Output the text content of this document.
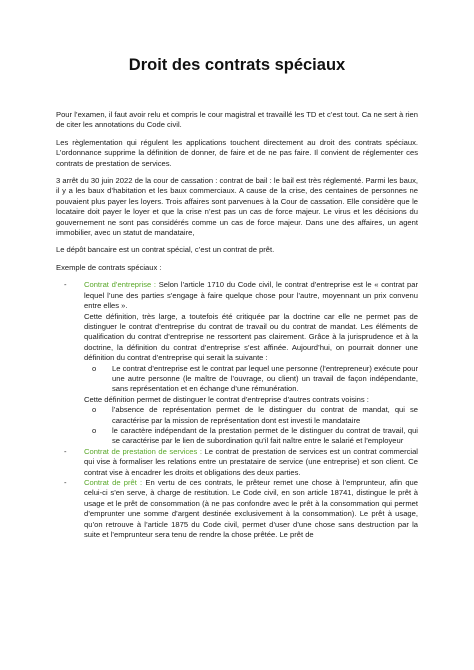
Droit des contrats spéciaux

Pour l’examen, il faut avoir relu et compris le cour magistral et travaillé les TD et c’est tout. Ca ne sert à rien de citer les annotations du Code civil.

Les règlementation qui régulent les applications touchent directement au droit des contrats spéciaux. L’ordonnance supprime la définition de donner, de faire et de ne pas faire. Il convient de réglementer ces contrats de prestation de services.

3 arrêt du 30 juin 2022 de la cour de cassation : contrat de bail : le bail est très réglementé. Parmi les baux, il y a les baux d’habitation et les baux commerciaux. A cause de la crise, des centaines de personnes ne pouvaient plus payer les loyers. Trois affaires sont parvenues à la Cour de cassation. Elle considère que le locataire doit payer le loyer et que la crise n’est pas un cas de force majeur. Le virus et les décisions du gouvernement ne sont pas considérés comme un cas de force majeur. Dans une des affaires, un agent immobilier, avec un statut de mandataire,

Le dépôt bancaire est un contrat spécial, c’est un contrat de prêt.

Exemple de contrats spéciaux :

- Contrat d’entreprise : Selon l’article 1710 du Code civil, le contrat d’entreprise est le « contrat par lequel l’une des parties s’engage à faire quelque chose pour l’autre, moyennant un prix convenu entre elles ».
Cette définition, très large, a toutefois été critiquée par la doctrine car elle ne permet pas de distinguer le contrat d’entreprise du contrat de travail ou du contrat de mandat. Les éléments de qualification du contrat d’entreprise ne ressortent pas clairement. Grâce à la jurisprudence et à la doctrine, la définition du contrat d’entreprise s’est affinée. Aujourd’hui, on pourrait donner une définition du contrat d’entreprise qui serait la suivante :
o Le contrat d’entreprise est le contrat par lequel une personne (l’entrepreneur) exécute pour une autre personne (le maître de l’ouvrage, ou client) un travail de façon indépendante, sans représentation et en échange d’une rémunération.
Cette définition permet de distinguer le contrat d’entreprise d’autres contrats voisins :
o l’absence de représentation permet de le distinguer du contrat de mandat, qui se caractérise par la mission de représentation dont est investi le mandataire
o le caractère indépendant de la prestation permet de le distinguer du contrat de travail, qui se caractérise par le lien de subordination qu’il fait naître entre le salarié et l’employeur
- Contrat de prestation de services : Le contrat de prestation de services est un contrat commercial qui vise à formaliser les relations entre un prestataire de service (une entreprise) et son client. Ce contrat vise à encadrer les droits et obligations des deux parties.
- Contrat de prêt : En vertu de ces contrats, le prêteur remet une chose à l’emprunteur, afin que celui-ci s’en serve, à charge de restitution. Le Code civil, en son article 18741, distingue le prêt à usage et le prêt de consommation (à ne pas confondre avec le prêt à la consommation qui permet d’emprunter une somme d’argent destinée exclusivement à la consommation). Le prêt à usage, qu’on retrouve à l’article 1875 du Code civil, permet d’user d’une chose sans destruction par la suite et l’emprunteur sera tenu de rendre la chose prêtée. Le prêt de
